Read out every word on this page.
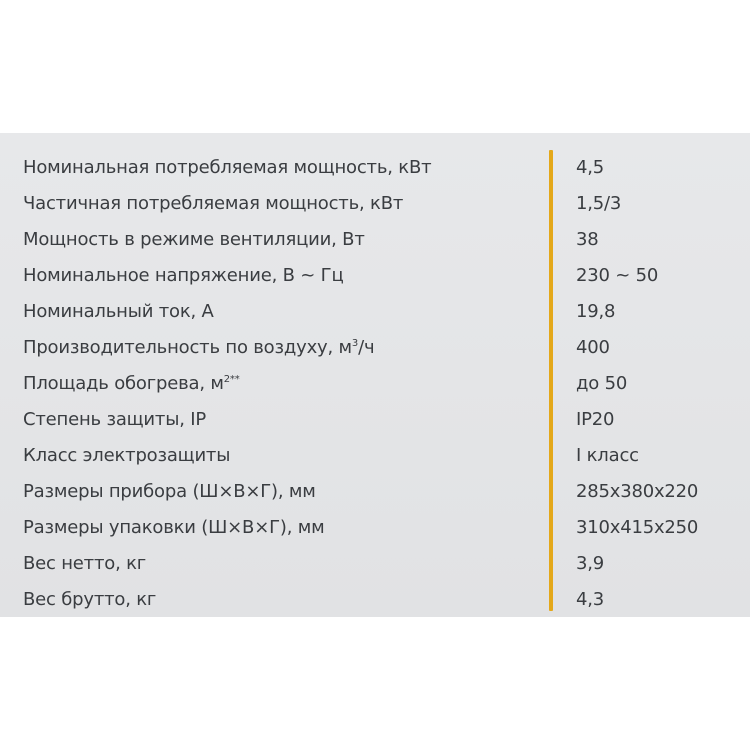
Номинальная потребляемая мощность, кВт	4,5
Частичная потребляемая мощность, кВт	1,5/3
Мощность в режиме вентиляции, Вт	38
Номинальное напряжение, В ~ Гц	230 ~ 50
Номинальный ток, А	19,8
Производительность по воздуху, $м^3/ч$	400
Площадь обогрева, $м^{2**}$	до 50
Степень защиты, IP	IP20
Класс электрозащиты	I класс
Размеры прибора (Ш×В×Г), мм	285x380x220
Размеры упаковки (Ш×В×Г), мм	310x415x250
Вес нетто, кг	3,9
Вес брутто, кг	4,3
